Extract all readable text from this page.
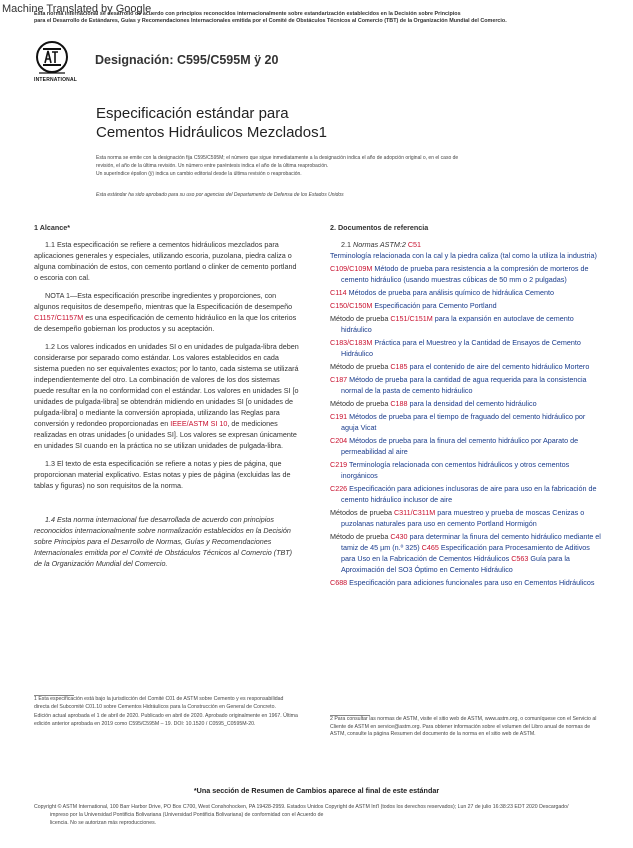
Machine Translated by Google
Esta norma internacional se desarrolló de acuerdo con principios reconocidos internacionalmente sobre estandarización establecidos en la Decisión sobre Principios
para el Desarrollo de Estándares, Guías y Recomendaciones Internacionales emitida por el Comité de Obstáculos Técnicos al Comercio (TBT) de la Organización Mundial del Comercio.
INTERNATIONAL
Designación: C595/C595M ÿ 20
Especificación estándar para
Cementos Hidráulicos Mezclados1

Esta norma se emite con la designación fija C595/C595M; el número que sigue inmediatamente a la designación indica el año de adopción original o, en el caso de

revisión, el año de la última revisión. Un número entre paréntesis indica el año de la última reaprobación.

Un superíndice épsilon (ÿ) indica un cambio editorial desde la última revisión o reaprobación.

Esta estándar ha sido aprobado para su uso por agencias del Departamento de Defensa de los Estados Unidos

1 Alcance*

1.1 Esta especificación se refiere a cementos hidráulicos mezclados para aplicaciones generales y especiales, utilizando escoria, puzolana, piedra caliza o alguna combinación de estos, con cemento portland o clinker de cemento portland o escoria con cal.

NOTA 1—Esta especificación prescribe ingredientes y proporciones, con algunos requisitos de desempeño, mientras que la Especificación de desempeño C1157/C1157M es una especificación de cemento hidráulico en la que los criterios de desempeño gobiernan los productos y su aceptación.

1.2 Los valores indicados en unidades SI o en unidades de pulgada-libra deben considerarse por separado como estándar. Los valores establecidos en cada sistema pueden no ser equivalentes exactos; por lo tanto, cada sistema se utilizará independientemente del otro. La combinación de valores de los dos sistemas puede resultar en la no conformidad con el estándar. Los valores en unidades SI [o unidades de pulgada-libra] se obtendrán midiendo en unidades SI [o unidades de pulgada-libra] o mediante la conversión apropiada, utilizando las Reglas para conversión y redondeo proporcionadas en IEEE/ASTM SI 10, de mediciones realizadas en otras unidades [o unidades SI]. Los valores se expresan únicamente en unidades SI cuando en la práctica no se utilizan unidades de pulgada-libra.

1.3 El texto de esta especificación se refiere a notas y pies de página, que proporcionan material explicativo. Estas notas y pies de página (excluidas las de tablas y figuras) no son requisitos de la norma.

1.4 Esta norma internacional fue desarrollada de acuerdo con principios reconocidos internacionalmente sobre normalización establecidos en la Decisión sobre Principios para el Desarrollo de Normas, Guías y Recomendaciones Internacionales emitida por el Comité de Obstáculos Técnicos al Comercio (TBT) de la Organización Mundial del Comercio.

2. Documentos de referencia

2.1 Normas ASTM:2 C51

Terminología relacionada con la cal y la piedra caliza (tal como la utiliza la industria)

C109/C109M Método de prueba para resistencia a la compresión de morteros de cemento hidráulico (usando muestras cúbicas de 50 mm o 2 pulgadas)

C114 Métodos de prueba para análisis químico de hidráulica Cemento

C150/C150M Especificación para Cemento Portland

Método de prueba C151/C151M para la expansión en autoclave de cemento hidráulico

C183/C183M Práctica para el Muestreo y la Cantidad de Ensayos de Cemento Hidráulico

Método de prueba C185 para el contenido de aire del cemento hidráulico Mortero

C187 Método de prueba para la cantidad de agua requerida para la consistencia normal de la pasta de cemento hidráulico

Método de prueba C188 para la densidad del cemento hidráulico

C191 Métodos de prueba para el tiempo de fraguado del cemento hidráulico por aguja Vicat

C204 Métodos de prueba para la finura del cemento hidráulico por Aparato de permeabilidad al aire

C219 Terminología relacionada con cementos hidráulicos y otros cementos inorgánicos

C226 Especificación para adiciones inclusoras de aire para uso en la fabricación de cemento hidráulico inclusor de aire

Métodos de prueba C311/C311M para muestreo y prueba de moscas Cenizas o puzolanas naturales para uso en cemento Portland Hormigón

Método de prueba C430 para determinar la finura del cemento hidráulico mediante el tamiz de 45 µm (n.º 325) C465 Especificación para Procesamiento de Aditivos para Uso en la Fabricación de Cementos Hidráulicos C563 Guía para la Aproximación del SO3 Óptimo en Cemento Hidráulico

C688 Especificación para adiciones funcionales para uso en Cementos Hidráulicos

1 Esta especificación está bajo la jurisdicción del Comité C01 de ASTM sobre Cemento y es responsabilidad directa del Subcomité C01.10 sobre Cementos Hidráulicos para la Construcción en General de Concreto.

Edición actual aprobada el 1 de abril de 2020. Publicado en abril de 2020. Aprobado originalmente en 1967. Última edición anterior aprobada en 2019 como C595/C595M – 19. DOI: 10.1520 / C0595_C0595M-20.

2 Para consultar las normas de ASTM, visite el sitio web de ASTM, www.astm.org, o comuníquese con el Servicio al Cliente de ASTM en service@astm.org. Para obtener información sobre el volumen del Libro anual de normas de ASTM, consulte la página Resumen del documento de la norma en el sitio web de ASTM.

*Una sección de Resumen de Cambios aparece al final de este estándar

Copyright © ASTM International, 100 Barr Harbor Drive, PO Box C700, West Conshohocken, PA 19428-2959. Estados Unidos Copyright de ASTM Int'l (todos los derechos reservados); Lun 27 de julio 16:38:23 EDT 2020 Descargado/

impreso por la Universidad Pontificia Bolivariana (Universidad Pontificia Bolivariana) de conformidad con el Acuerdo de

licencia. No se autorizan más reproducciones.
